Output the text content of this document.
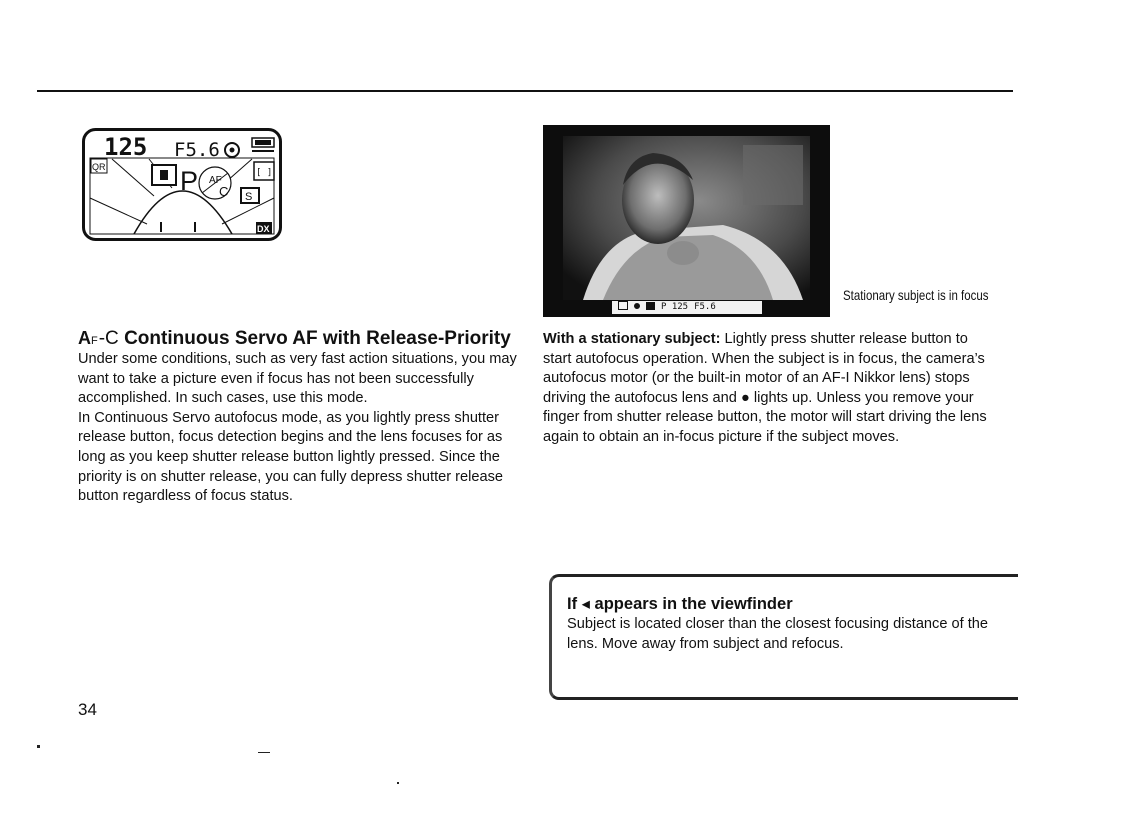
125 F5.6
QR	P AF
C S
[ ]
DX
P 125 F5.6
Stationary subject is in focus
AF-C Continuous Servo AF with Release-Priority

Under some conditions, such as very fast action situations, you may want to take a picture even if focus has not been successfully accomplished. In such cases, use this mode.

In Continuous Servo autofocus mode, as you lightly press shutter release button, focus detection begins and the lens focuses for as long as you keep shutter release button lightly pressed. Since the priority is on shutter release, you can fully depress shutter release button regardless of focus status.

With a stationary subject: Lightly press shutter release button to start autofocus operation. When the subject is in focus, the camera’s autofocus motor (or the built-in motor of an AF-I Nikkor lens) stops driving the autofocus lens and ● lights up. Unless you remove your finger from shutter release button, the motor will start driving the lens again to obtain an in-focus picture if the subject moves.
If ◂ appears in the viewfinder
Subject is located closer than the closest focusing distance of the lens. Move away from subject and refocus.
34
